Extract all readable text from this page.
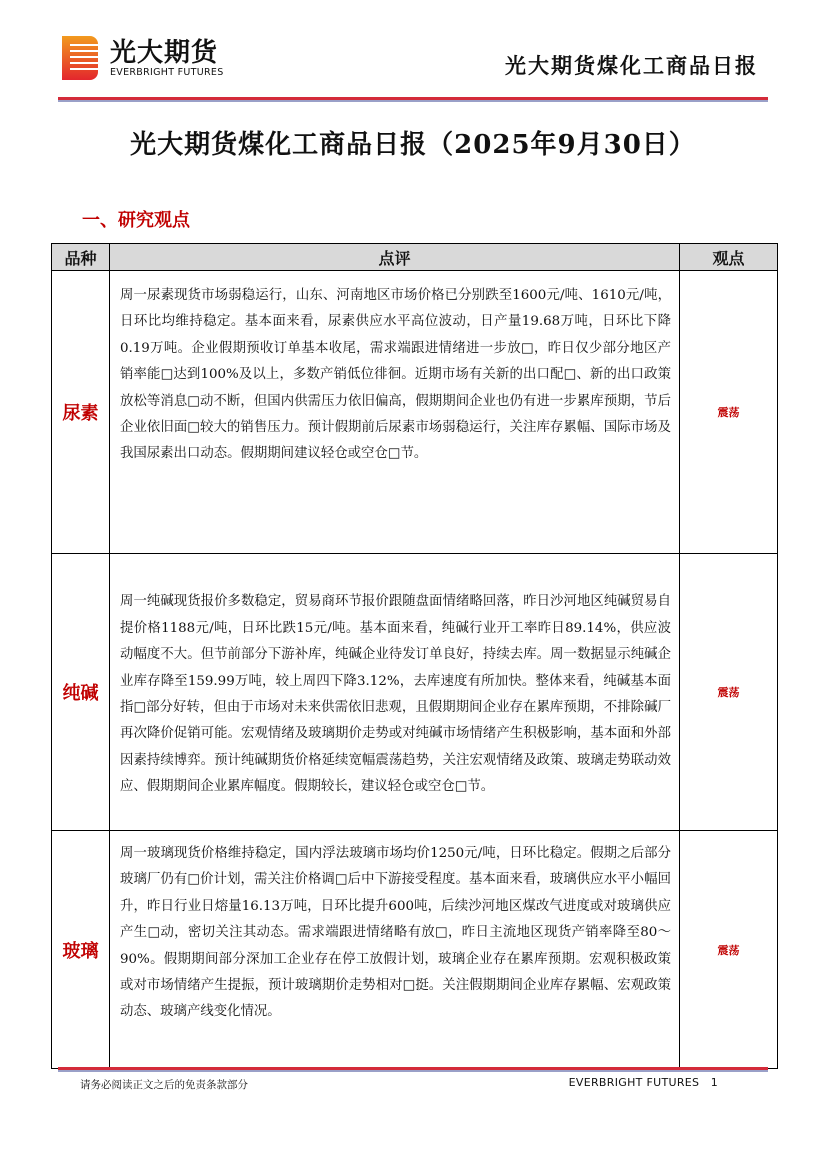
光大期货
EVERBRIGHT FUTURES	光大期货煤化工商品日报
光大期货煤化工商品日报（2025年9月30日）
一、研究观点
品种	点评	观点
尿素	周一尿素现货市场弱稳运行，山东、河南地区市场价格已分别跌至1600元/吨、1610元/吨，日环比均维持稳定。基本面来看，尿素供应水平高位波动，日产量19.68万吨，日环比下降0.19万吨。企业假期预收订单基本收尾，需求端跟进情绪进一步放□，昨日仅少部分地区产销率能□达到100%及以上，多数产销低位徘徊。近期市场有关新的出口配□、新的出口政策放松等消息□动不断，但国内供需压力依旧偏高，假期期间企业也仍有进一步累库预期，节后企业依旧面□较大的销售压力。预计假期前后尿素市场弱稳运行，关注库存累幅、国际市场及我国尿素出口动态。假期期间建议轻仓或空仓□节。	震荡
纯碱	周一纯碱现货报价多数稳定，贸易商环节报价跟随盘面情绪略回落，昨日沙河地区纯碱贸易自提价格1188元/吨，日环比跌15元/吨。基本面来看，纯碱行业开工率昨日89.14%，供应波动幅度不大。但节前部分下游补库，纯碱企业待发订单良好，持续去库。周一数据显示纯碱企业库存降至159.99万吨，较上周四下降3.12%，去库速度有所加快。整体来看，纯碱基本面指□部分好转，但由于市场对未来供需依旧悲观，且假期期间企业存在累库预期，不排除碱厂再次降价促销可能。宏观情绪及玻璃期价走势或对纯碱市场情绪产生积极影响，基本面和外部因素持续博弈。预计纯碱期货价格延续宽幅震荡趋势，关注宏观情绪及政策、玻璃走势联动效应、假期期间企业累库幅度。假期较长，建议轻仓或空仓□节。	震荡
玻璃	周一玻璃现货价格维持稳定，国内浮法玻璃市场均价1250元/吨，日环比稳定。假期之后部分玻璃厂仍有□价计划，需关注价格调□后中下游接受程度。基本面来看，玻璃供应水平小幅回升，昨日行业日熔量16.13万吨，日环比提升600吨，后续沙河地区煤改气进度或对玻璃供应产生□动，密切关注其动态。需求端跟进情绪略有放□，昨日主流地区现货产销率降至80～90%。假期期间部分深加工企业存在停工放假计划，玻璃企业存在累库预期。宏观积极政策或对市场情绪产生提振，预计玻璃期价走势相对□挺。关注假期期间企业库存累幅、宏观政策动态、玻璃产线变化情况。	震荡
请务必阅读正文之后的免责条款部分	EVERBRIGHT FUTURES 1
